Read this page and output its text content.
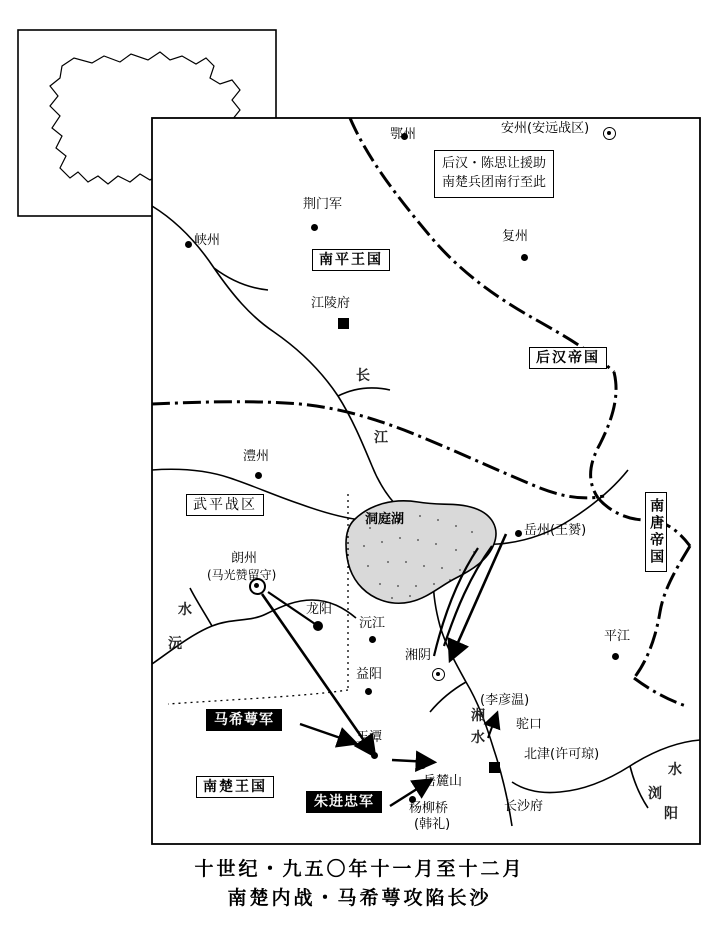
鄂州	安州(安远战区)
荆门军
复州
峡州
江陵府
澧州
岳州(王赟)
朗州
(马光赞留守)
龙阳
沅江
湘阴
平江
益阳
玉潭
岳麓山
北津(许可琼)
长沙府
杨柳桥
(韩礼)
(李彦温)
驼口
洞庭湖
长
江
沅
水
湘
水
浏
阳
水
南平王国
后汉帝国
南唐帝国
南楚王国
武平战区
后汉・陈思让援助
南楚兵团南行至此
马希萼军
朱进忠军
十世纪・九五〇年十一月至十二月
南楚内战・马希萼攻陷长沙
